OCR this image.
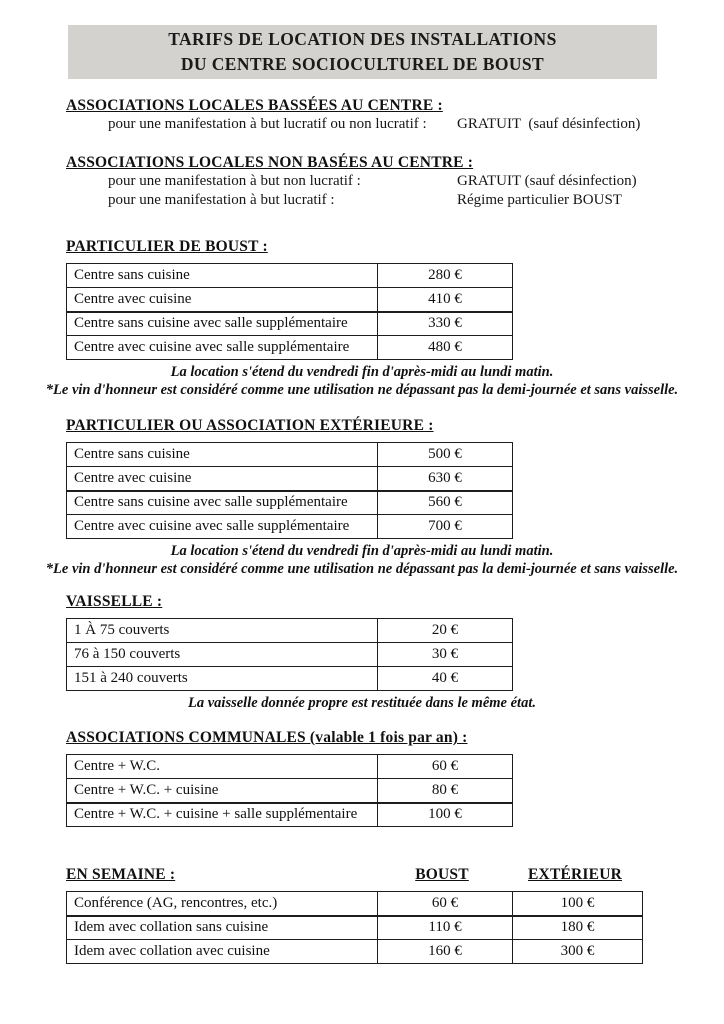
TARIFS DE LOCATION DES INSTALLATIONS
DU CENTRE SOCIOCULTUREL DE BOUST
ASSOCIATIONS LOCALES BASSÉES AU CENTRE :
pour une manifestation à but lucratif ou non lucratif : GRATUIT  (sauf désinfection)
ASSOCIATIONS LOCALES NON BASÉES AU CENTRE :
pour une manifestation à but non lucratif :	GRATUIT (sauf désinfection)
pour une manifestation à but lucratif :	Régime particulier BOUST
PARTICULIER DE BOUST :
Centre sans cuisine	280 €
Centre avec cuisine	410 €
Centre sans cuisine avec salle supplémentaire	330 €
Centre avec cuisine avec salle supplémentaire	480 €
La location s'étend du vendredi fin d'après-midi au lundi matin.
*Le vin d'honneur est considéré comme une utilisation ne dépassant pas la demi-journée et sans vaisselle.
PARTICULIER OU ASSOCIATION EXTÉRIEURE :
Centre sans cuisine	500 €
Centre avec cuisine	630 €
Centre sans cuisine avec salle supplémentaire	560 €
Centre avec cuisine avec salle supplémentaire	700 €
La location s'étend du vendredi fin d'après-midi au lundi matin.
*Le vin d'honneur est considéré comme une utilisation ne dépassant pas la demi-journée et sans vaisselle.
VAISSELLE :
1 À 75 couverts	20 €
76 à 150 couverts	30 €
151 à 240 couverts	40 €
La vaisselle donnée propre est restituée dans le même état.
ASSOCIATIONS COMMUNALES (valable 1 fois par an) :
Centre + W.C.	60 €
Centre + W.C. + cuisine	80 €
Centre + W.C. + cuisine + salle supplémentaire	100 €
EN SEMAINE :	BOUST	EXTÉRIEUR
Conférence (AG, rencontres, etc.)	60 €	100 €
Idem avec collation sans cuisine	110 €	180 €
Idem avec collation avec cuisine	160 €	300 €
